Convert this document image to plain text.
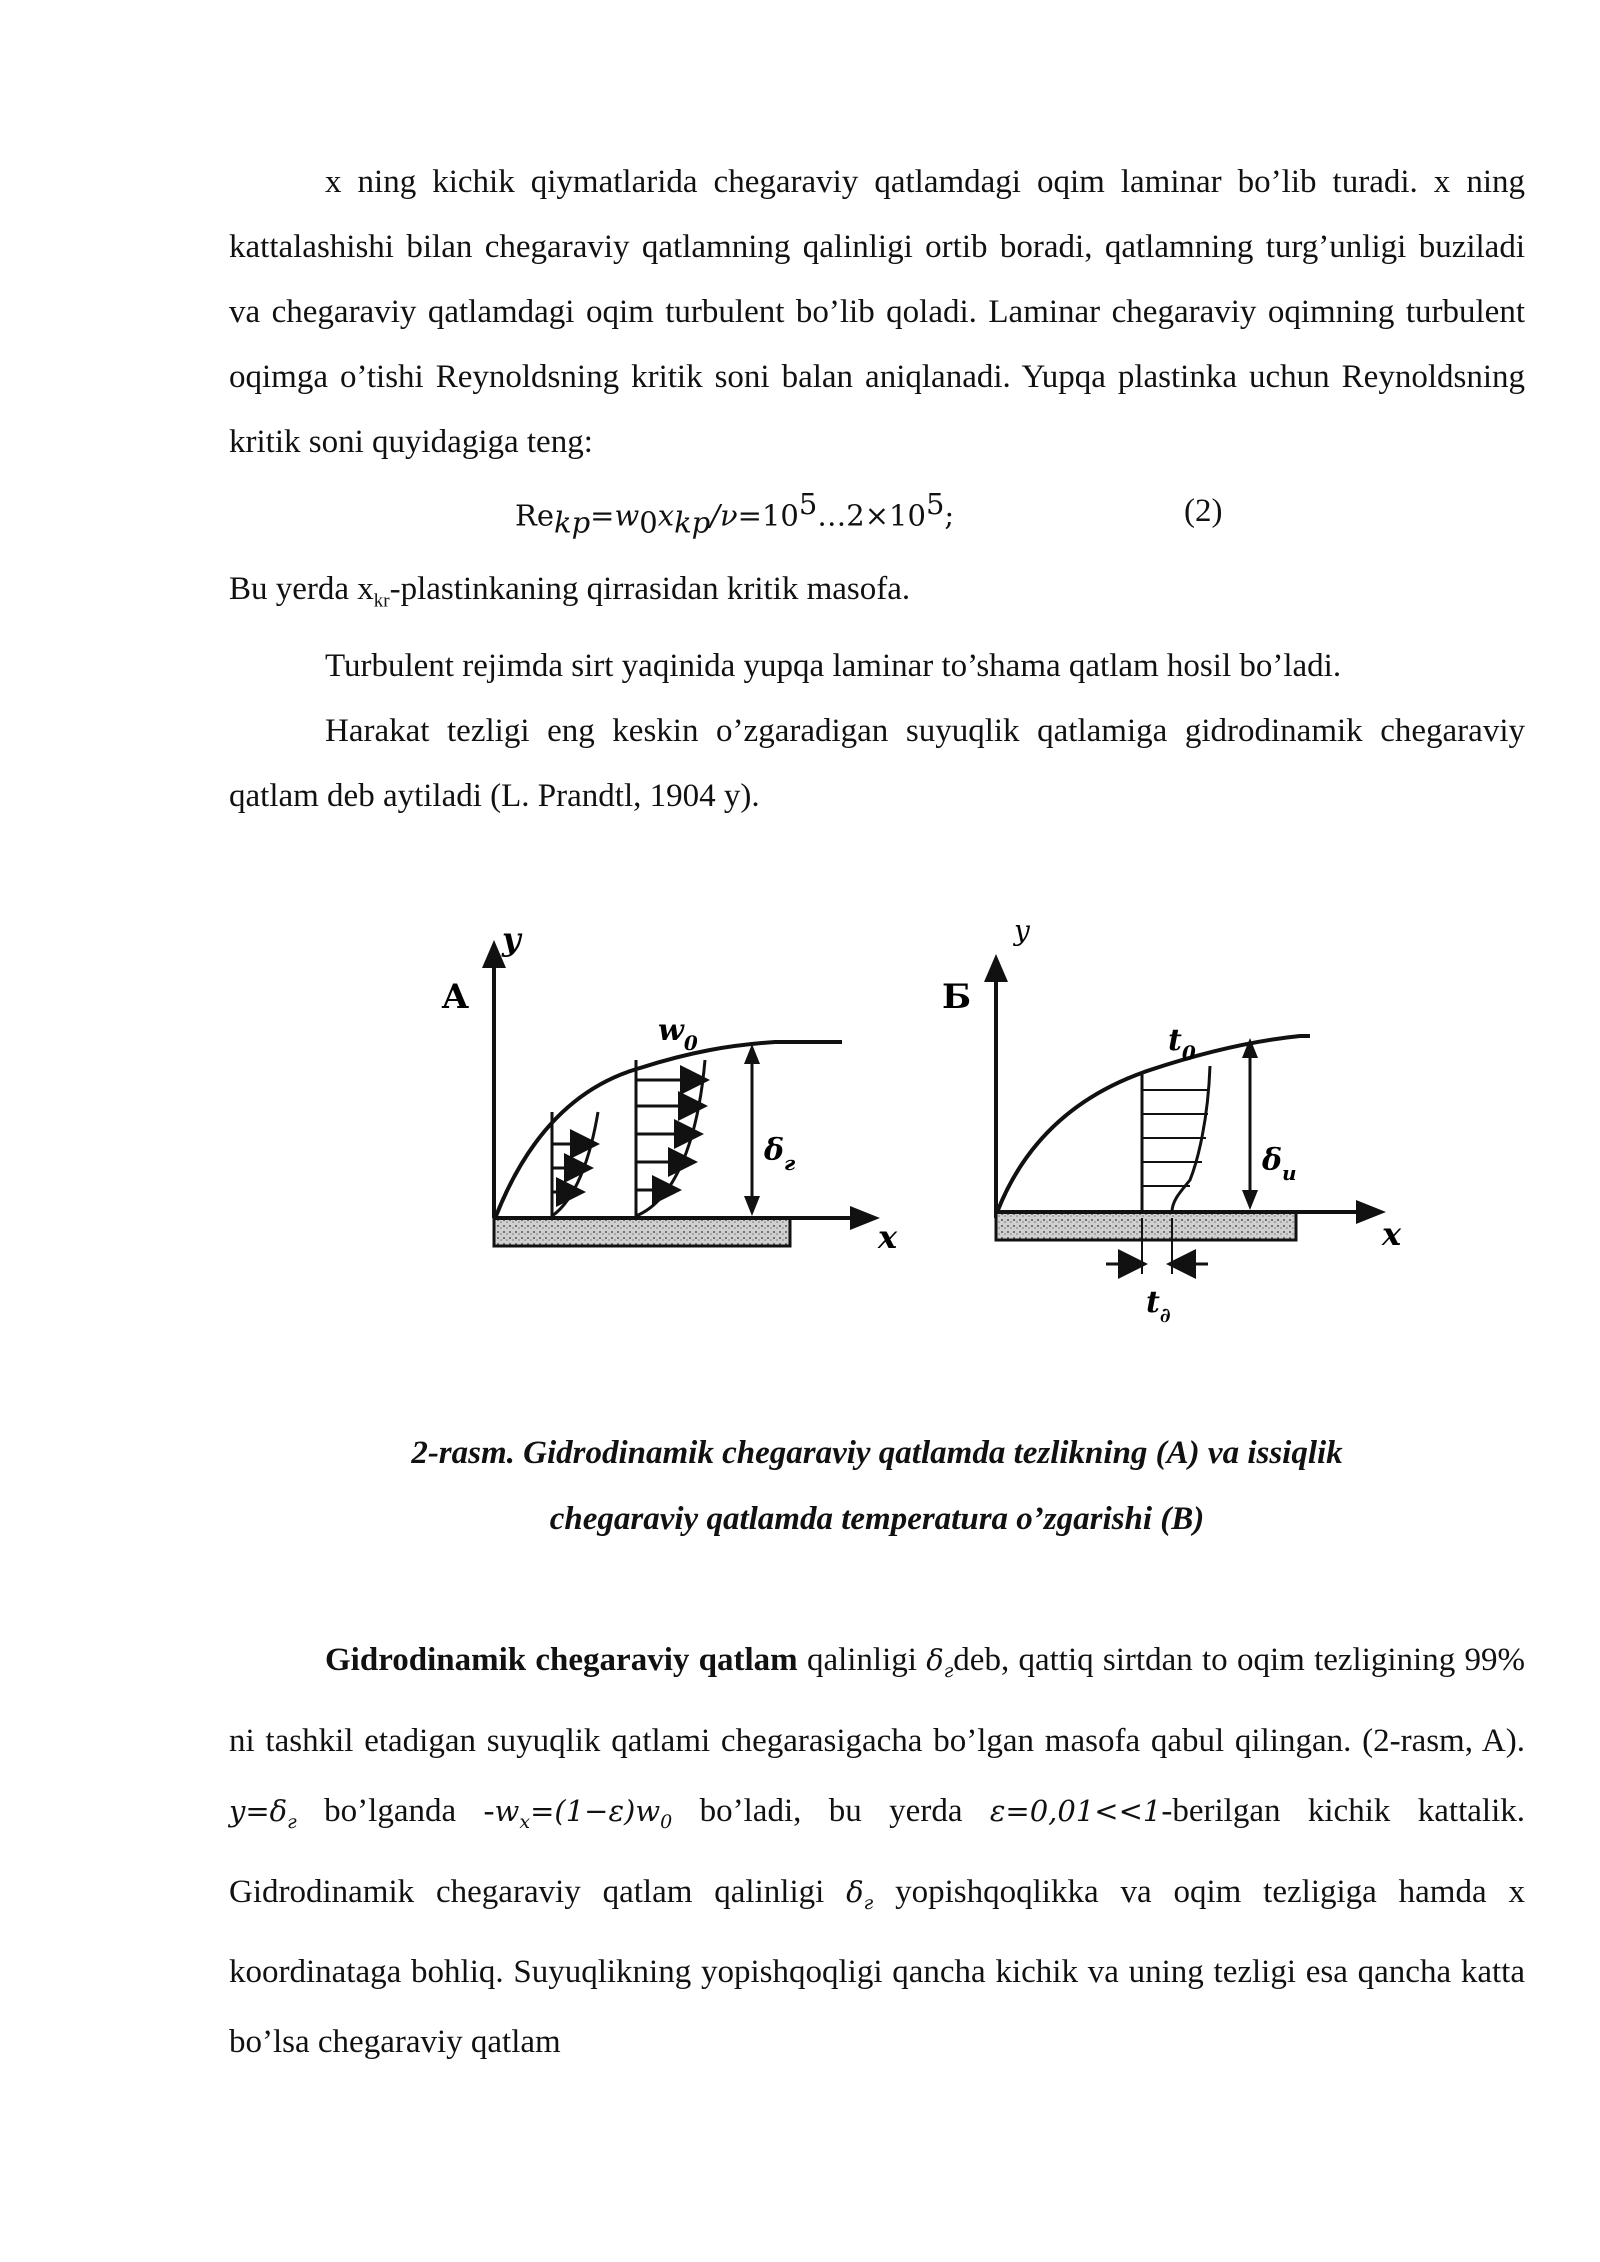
x ning kichik qiymatlarida chegaraviy qatlamdagi oqim laminar bo’lib turadi. x ning kattalashishi bilan chegaraviy qatlamning qalinligi ortib boradi, qatlamning turg’unligi buziladi va chegaraviy qatlamdagi oqim turbulent bo’lib qoladi. Laminar chegaraviy oqimning turbulent oqimga o’tishi Reynoldsning kritik soni balan aniqlanadi. Yupqa plastinka uchun Reynoldsning kritik soni quyidagiga teng:

$Re_{kp}=w_0x_{kp}/\nu=10^5\dots 2\times 10^5$;	(2)

Bu yerda $x_{kr}$-plastinkaning qirrasidan kritik masofa.

Turbulent rejimda sirt yaqinida yupqa laminar to’shama qatlam hosil bo’ladi.

Harakat tezligi eng keskin o’zgaradigan suyuqlik qatlamiga gidrodinamik chegaraviy qatlam deb aytiladi (L. Prandtl, 1904 y).

A
y
x
$w_0$
$\delta_г$
Б
y
x
$t_0$
$\delta_u$
$t_\partial$
2-rasm. Gidrodinamik chegaraviy qatlamda tezlikning (A) va issiqlik
chegaraviy qatlamda temperatura o’zgarishi (B)

Gidrodinamik chegaraviy qatlam qalinligi $\delta_гdeb$, qattiq sirtdan to oqim tezligining 99% ni tashkil etadigan suyuqlik qatlami chegarasigacha bo’lgan masofa qabul qilingan. (2-rasm, A). $y=\delta_г$ bo’lganda $-w_x=(1-\varepsilon)w_0$ bo’ladi, bu yerda ε=0,01<<1-berilgan kichik kattalik. Gidrodinamik chegaraviy qatlam qalinligi $\delta_г$ yopishqoqlikka va oqim tezligiga hamda x koordinataga bohliq. Suyuqlikning yopishqoqligi qancha kichik va uning tezligi esa qancha katta bo’lsa chegaraviy qatlam
